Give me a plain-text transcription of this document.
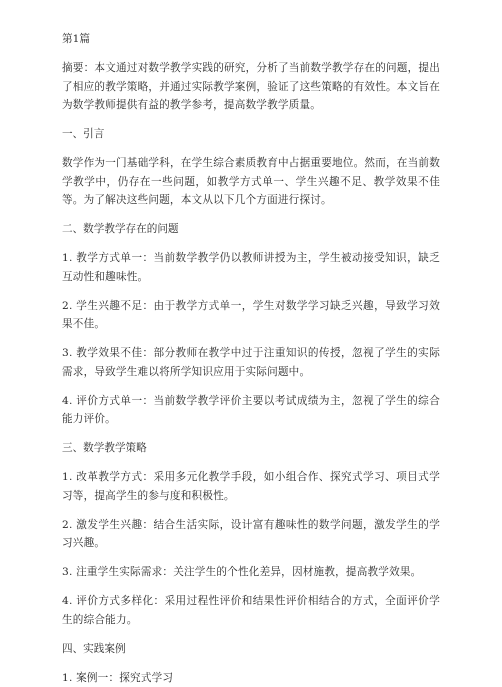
第1篇

摘要：本文通过对数学教学实践的研究，分析了当前数学教学存在的问题，提出了相应的教学策略，并通过实际教学案例，验证了这些策略的有效性。本文旨在为数学教师提供有益的教学参考，提高数学教学质量。

一、引言

数学作为一门基础学科，在学生综合素质教育中占据重要地位。然而，在当前数学教学中，仍存在一些问题，如教学方式单一、学生兴趣不足、教学效果不佳等。为了解决这些问题，本文从以下几个方面进行探讨。

二、数学教学存在的问题

1. 教学方式单一：当前数学教学仍以教师讲授为主，学生被动接受知识，缺乏互动性和趣味性。

2. 学生兴趣不足：由于教学方式单一，学生对数学学习缺乏兴趣，导致学习效果不佳。

3. 教学效果不佳：部分教师在教学中过于注重知识的传授，忽视了学生的实际需求，导致学生难以将所学知识应用于实际问题中。

4. 评价方式单一：当前数学教学评价主要以考试成绩为主，忽视了学生的综合能力评价。

三、数学教学策略

1. 改革教学方式：采用多元化教学手段，如小组合作、探究式学习、项目式学习等，提高学生的参与度和积极性。

2. 激发学生兴趣：结合生活实际，设计富有趣味性的数学问题，激发学生的学习兴趣。

3. 注重学生实际需求：关注学生的个性化差异，因材施教，提高教学效果。

4. 评价方式多样化：采用过程性评价和结果性评价相结合的方式，全面评价学生的综合能力。

四、实践案例

1. 案例一：探究式学习
